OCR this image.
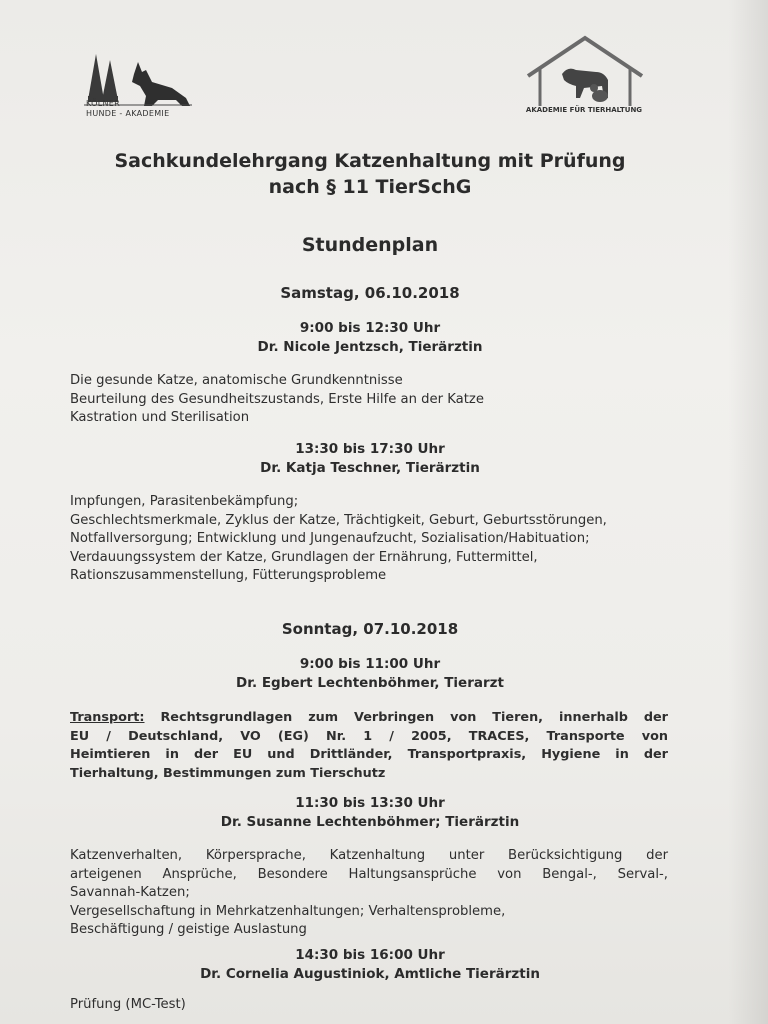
KÖLNER
HUNDE - AKADEMIE	AKADEMIE FÜR TIERHALTUNG
Sachkundelehrgang Katzenhaltung mit Prüfung
nach § 11 TierSchG
Stundenplan
Samstag, 06.10.2018
9:00 bis 12:30 Uhr
Dr. Nicole Jentzsch, Tierärztin
Die gesunde Katze, anatomische Grundkenntnisse
Beurteilung des Gesundheitszustands, Erste Hilfe an der Katze
Kastration und Sterilisation
13:30 bis 17:30 Uhr
Dr. Katja Teschner, Tierärztin
Impfungen, Parasitenbekämpfung;
Geschlechtsmerkmale, Zyklus der Katze, Trächtigkeit, Geburt, Geburtsstörungen,
Notfallversorgung; Entwicklung und Jungenaufzucht, Sozialisation/Habituation;
Verdauungssystem der Katze, Grundlagen der Ernährung, Futtermittel,
Rationszusammenstellung, Fütterungsprobleme
Sonntag, 07.10.2018
9:00 bis 11:00 Uhr
Dr. Egbert Lechtenböhmer, Tierarzt
Transport: Rechtsgrundlagen zum Verbringen von Tieren, innerhalb der
EU / Deutschland, VO (EG) Nr. 1 / 2005, TRACES, Transporte von
Heimtieren in der EU und Drittländer, Transportpraxis, Hygiene in der
Tierhaltung, Bestimmungen zum Tierschutz
11:30 bis 13:30 Uhr
Dr. Susanne Lechtenböhmer; Tierärztin
Katzenverhalten, Körpersprache, Katzenhaltung unter Berücksichtigung der
arteigenen Ansprüche, Besondere Haltungsansprüche von Bengal-, Serval-,
Savannah-Katzen;
Vergesellschaftung in Mehrkatzenhaltungen; Verhaltensprobleme,
Beschäftigung / geistige Auslastung
14:30 bis 16:00 Uhr
Dr. Cornelia Augustiniok, Amtliche Tierärztin
Prüfung (MC-Test)
